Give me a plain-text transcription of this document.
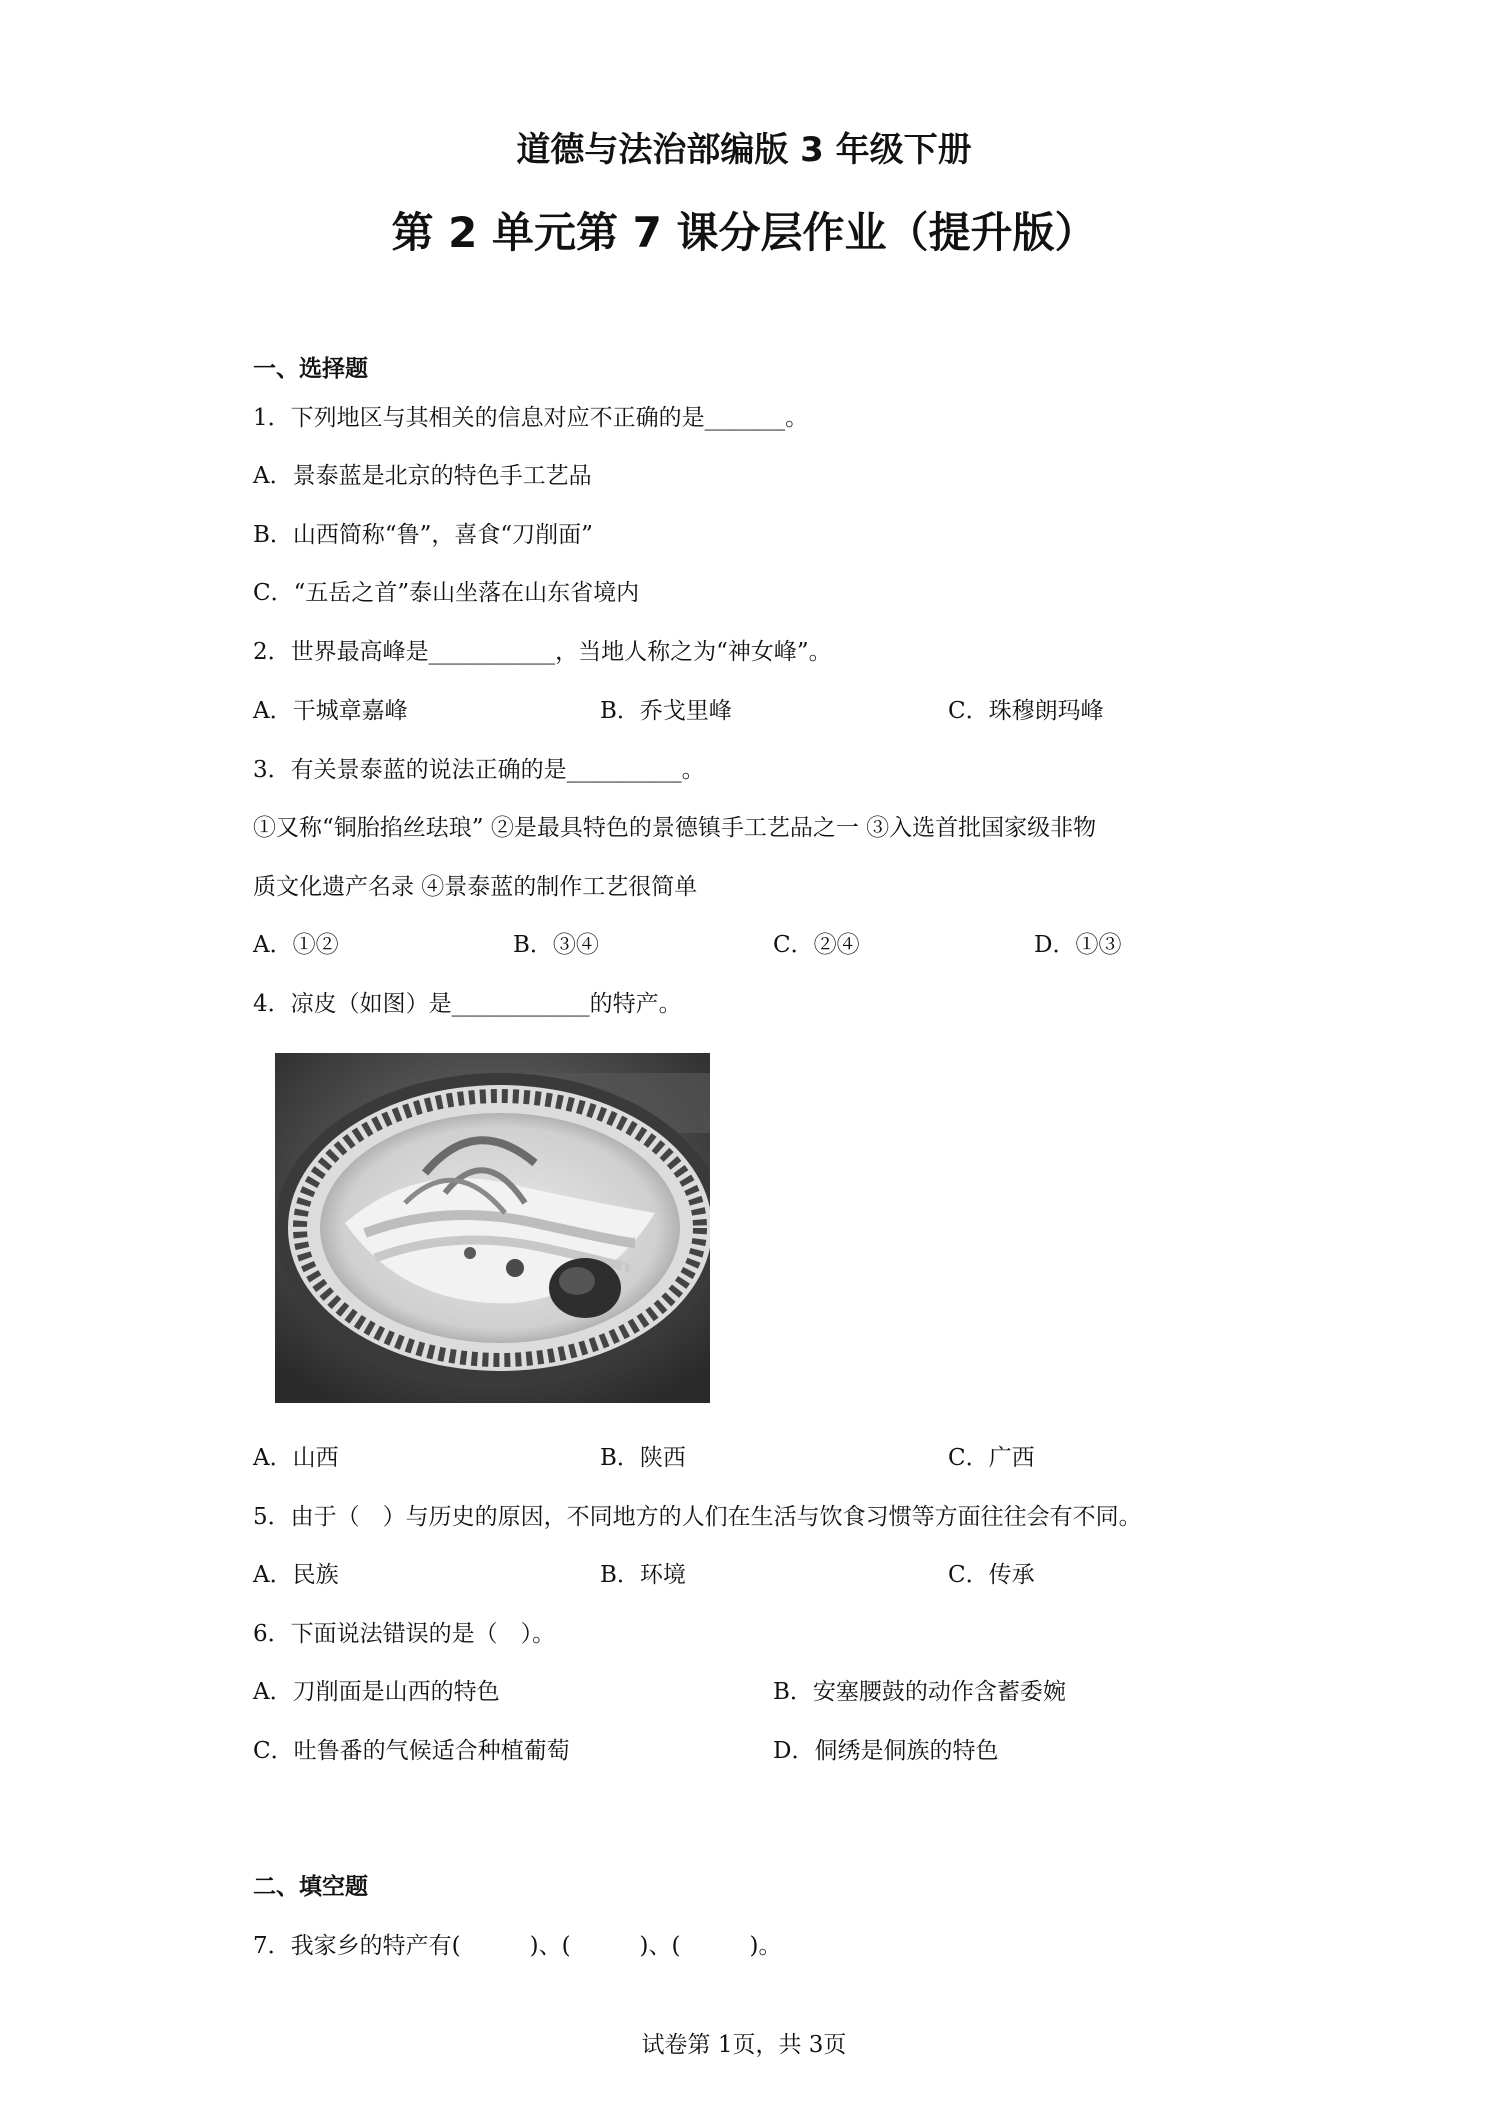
道德与法治部编版 3 年级下册
第 2 单元第 7 课分层作业（提升版）
一、选择题
1．下列地区与其相关的信息对应不正确的是_______。
A．景泰蓝是北京的特色手工艺品
B．山西简称“鲁”，喜食“刀削面”
C．“五岳之首”泰山坐落在山东省境内
2．世界最高峰是___________，当地人称之为“神女峰”。
A．干城章嘉峰	B．乔戈里峰	C．珠穆朗玛峰
3．有关景泰蓝的说法正确的是__________。
①又称“铜胎掐丝珐琅” ②是最具特色的景德镇手工艺品之一 ③入选首批国家级非物
质文化遗产名录 ④景泰蓝的制作工艺很简单
A．①②	B．③④	C．②④	D．①③
4．凉皮（如图）是____________的特产。
A．山西	B．陕西	C．广西
5．由于（　）与历史的原因，不同地方的人们在生活与饮食习惯等方面往往会有不同。
A．民族	B．环境	C．传承
6．下面说法错误的是（　）。
A．刀削面是山西的特色	B．安塞腰鼓的动作含蓄委婉
C．吐鲁番的气候适合种植葡萄	D．侗绣是侗族的特色
二、填空题
7．我家乡的特产有(　　　)、(　　　)、(　　　)。
试卷第 1页，共 3页
